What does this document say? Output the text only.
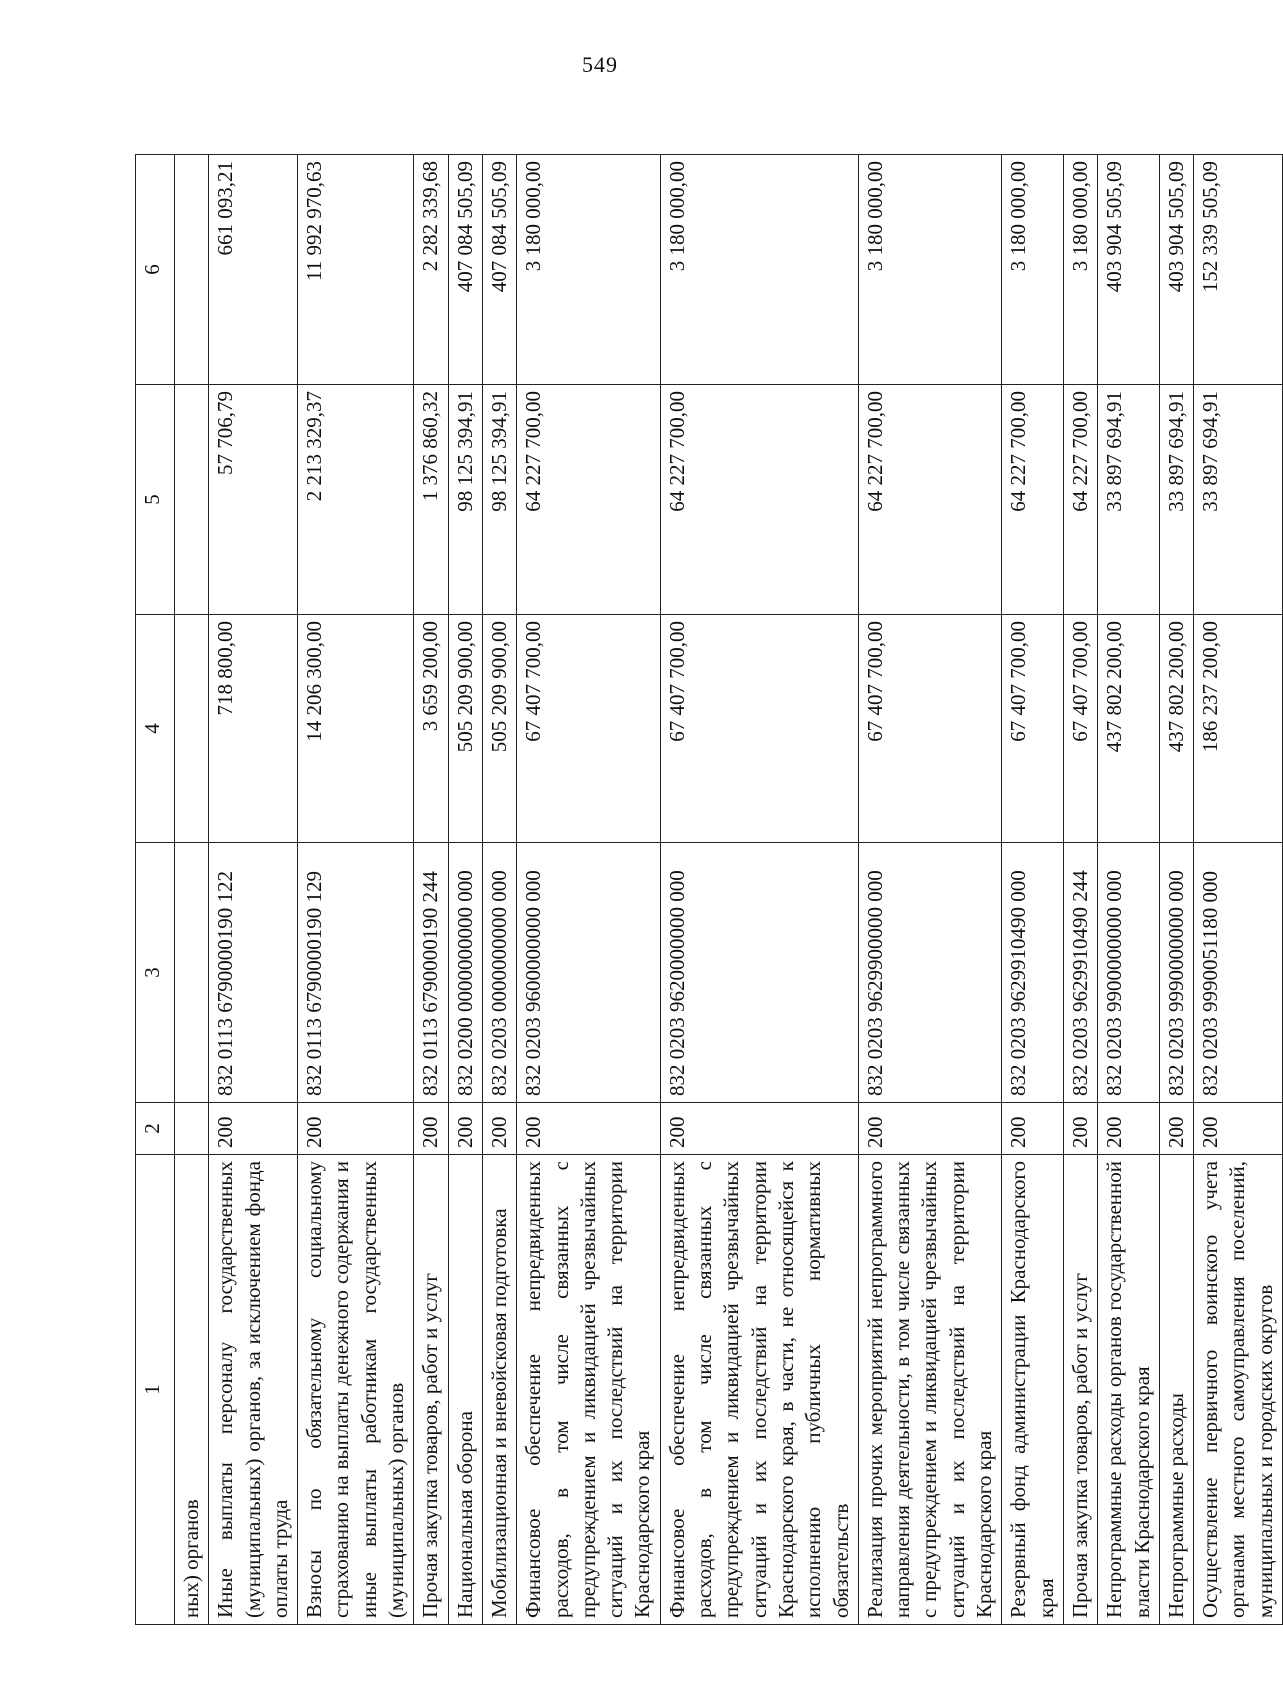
549
1	2	3	4	5	6
ных) органов					
Иные выплаты персоналу государственных (муниципальных) органов, за исключением фонда оплаты труда	200	832 0113 6790000190 122	718 800,00	57 706,79	661 093,21
Взносы по обязательному социальному страхованию на выплаты денежного содержания и иные выплаты работникам государственных (муниципальных) органов	200	832 0113 6790000190 129	14 206 300,00	2 213 329,37	11 992 970,63
Прочая закупка товаров, работ и услуг	200	832 0113 6790000190 244	3 659 200,00	1 376 860,32	2 282 339,68
Национальная оборона	200	832 0200 0000000000 000	505 209 900,00	98 125 394,91	407 084 505,09
Мобилизационная и вневойсковая подготовка	200	832 0203 0000000000 000	505 209 900,00	98 125 394,91	407 084 505,09
Финансовое обеспечение непредвиденных расходов, в том числе связанных с предупреждением и ликвидацией чрезвычайных ситуаций и их последствий на территории Краснодарского края	200	832 0203 9600000000 000	67 407 700,00	64 227 700,00	3 180 000,00
Финансовое обеспечение непредвиденных расходов, в том числе связанных с предупреждением и ликвидацией чрезвычайных ситуаций и их последствий на территории Краснодарского края, в части, не относящейся к исполнению публичных нормативных обязательств	200	832 0203 9620000000 000	67 407 700,00	64 227 700,00	3 180 000,00
Реализация прочих мероприятий непрограммного направления деятельности, в том числе связанных с предупреждением и ликвидацией чрезвычайных ситуаций и их последствий на территории Краснодарского края	200	832 0203 9629900000 000	67 407 700,00	64 227 700,00	3 180 000,00
Резервный фонд администрации Краснодарского края	200	832 0203 9629910490 000	67 407 700,00	64 227 700,00	3 180 000,00
Прочая закупка товаров, работ и услуг	200	832 0203 9629910490 244	67 407 700,00	64 227 700,00	3 180 000,00
Непрограммные расходы органов государственной власти Краснодарского края	200	832 0203 9900000000 000	437 802 200,00	33 897 694,91	403 904 505,09
Непрограммные расходы	200	832 0203 9990000000 000	437 802 200,00	33 897 694,91	403 904 505,09
Осуществление первичного воинского учета органами местного самоуправления поселений, муниципальных и городских округов	200	832 0203 9990051180 000	186 237 200,00	33 897 694,91	152 339 505,09
